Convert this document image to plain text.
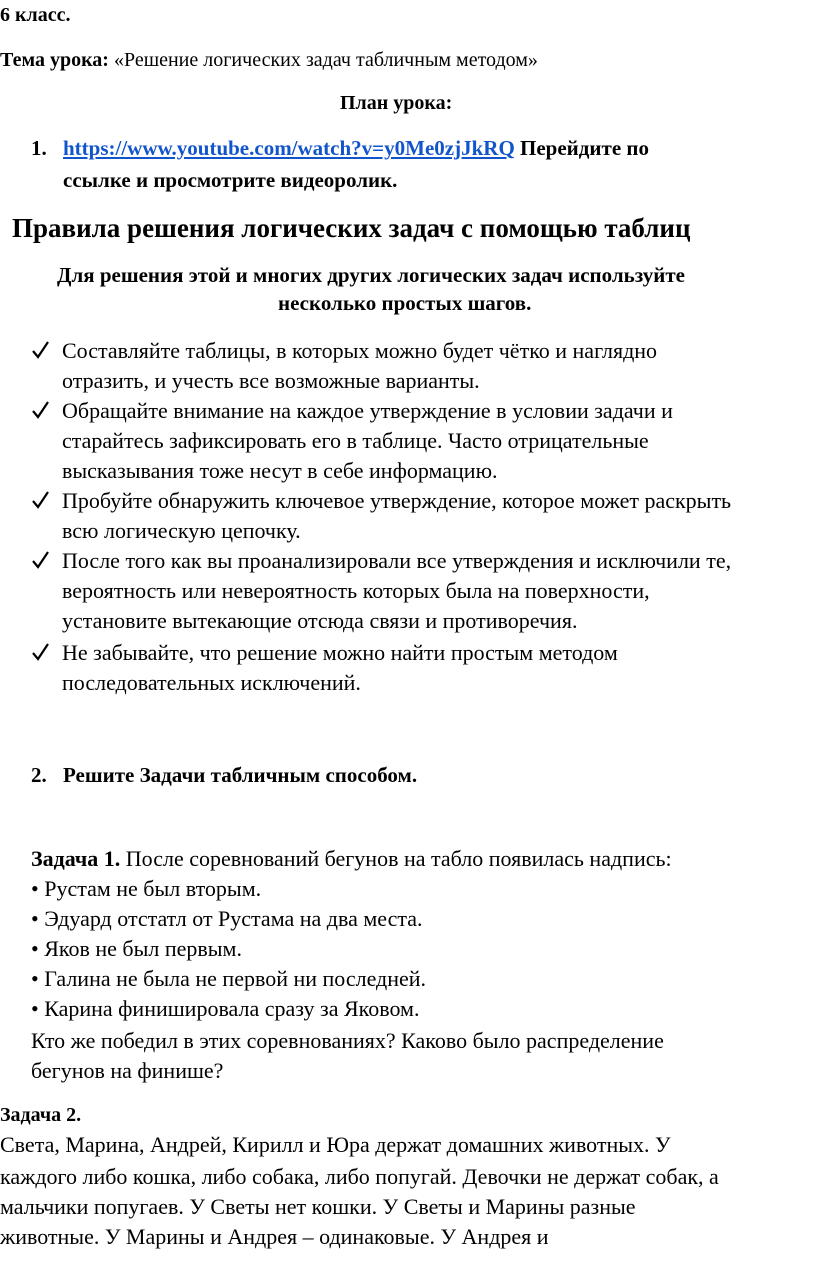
6 класс.
Тема урока: «Решение логических задач табличным методом»
План урока:
1. https://www.youtube.com/watch?v=y0Me0zjJkRQ Перейдите по
ссылке и просмотрите видеоролик.
Правила решения логических задач с помощью таблиц
Для решения этой и многих других логических задач используйте
несколько простых шагов.
Составляйте таблицы, в которых можно будет чётко и наглядно
отразить, и учесть все возможные варианты.
Обращайте внимание на каждое утверждение в условии задачи и
старайтесь зафиксировать его в таблице. Часто отрицательные
высказывания тоже несут в себе информацию.
Пробуйте обнаружить ключевое утверждение, которое может раскрыть
всю логическую цепочку.
После того как вы проанализировали все утверждения и исключили те,
вероятность или невероятность которых была на поверхности,
установите вытекающие отсюда связи и противоречия.
Не забывайте, что решение можно найти простым методом
последовательных исключений.
2. Решите Задачи табличным способом.
Задача 1. После соревнований бегунов на табло появилась надпись:
• Рустам не был вторым.
• Эдуард отстатл от Рустама на два места.
• Яков не был первым.
• Галина не была не первой ни последней.
• Карина финишировала сразу за Яковом.
Кто же победил в этих соревнованиях? Каково было распределение
бегунов на финише?
Задача 2.
Света, Марина, Андрей, Кирилл и Юра держат домашних животных. У
каждого либо кошка, либо собака, либо попугай. Девочки не держат собак, а
мальчики попугаев. У Светы нет кошки. У Светы и Марины разные
животные. У Марины и Андрея – одинаковые. У Андрея и
